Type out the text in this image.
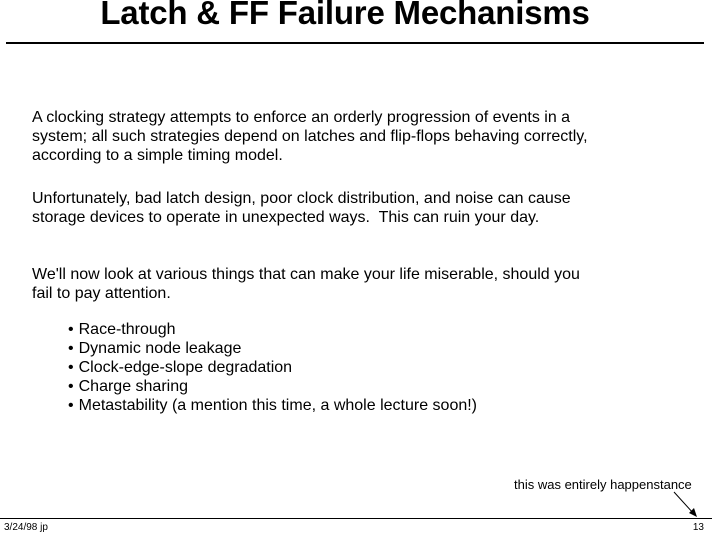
Latch & FF Failure Mechanisms
A clocking strategy attempts to enforce an orderly progression of events in a
system; all such strategies depend on latches and flip-flops behaving correctly,
according to a simple timing model.
Unfortunately, bad latch design, poor clock distribution, and noise can cause
storage devices to operate in unexpected ways.  This can ruin your day.
We'll now look at various things that can make your life miserable, should you
fail to pay attention.
• Race-through
• Dynamic node leakage
• Clock-edge-slope degradation
• Charge sharing
• Metastability (a mention this time, a whole lecture soon!)
this was entirely happenstance
3/24/98 jp	13
